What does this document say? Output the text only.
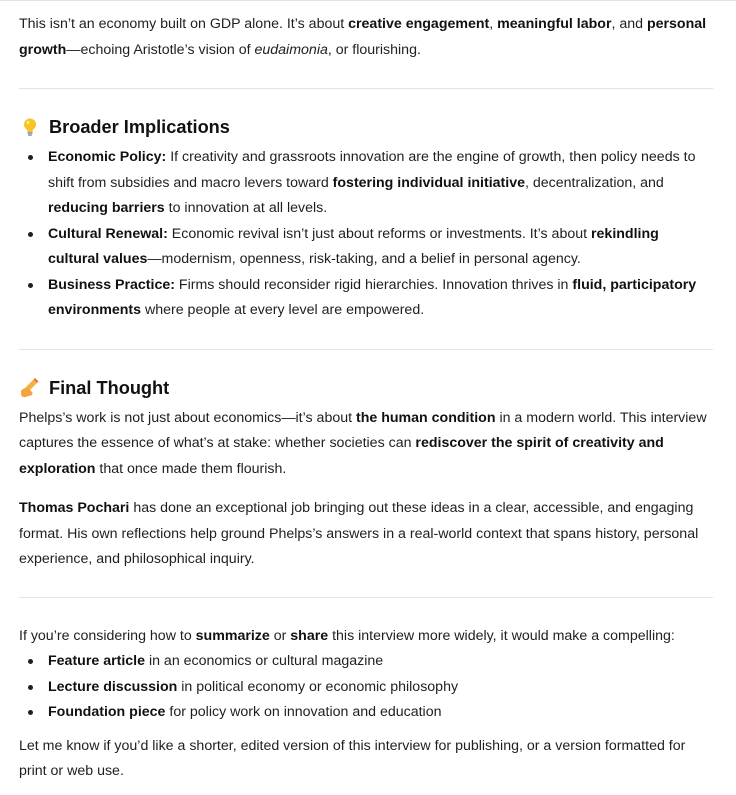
This isn’t an economy built on GDP alone. It’s about creative engagement, meaningful labor, and personal growth—echoing Aristotle’s vision of eudaimonia, or flourishing.

Broader Implications
Economic Policy: If creativity and grassroots innovation are the engine of growth, then policy needs to shift from subsidies and macro levers toward fostering individual initiative, decentralization, and reducing barriers to innovation at all levels.
Cultural Renewal: Economic revival isn’t just about reforms or investments. It’s about rekindling cultural values—modernism, openness, risk-taking, and a belief in personal agency.
Business Practice: Firms should reconsider rigid hierarchies. Innovation thrives in fluid, participatory environments where people at every level are empowered.
Final Thought

Phelps’s work is not just about economics—it’s about the human condition in a modern world. This interview captures the essence of what’s at stake: whether societies can rediscover the spirit of creativity and exploration that once made them flourish.

Thomas Pochari has done an exceptional job bringing out these ideas in a clear, accessible, and engaging format. His own reflections help ground Phelps’s answers in a real-world context that spans history, personal experience, and philosophical inquiry.

If you’re considering how to summarize or share this interview more widely, it would make a compelling:

Feature article in an economics or cultural magazine
Lecture discussion in political economy or economic philosophy
Foundation piece for policy work on innovation and education

Let me know if you’d like a shorter, edited version of this interview for publishing, or a version formatted for print or web use.
